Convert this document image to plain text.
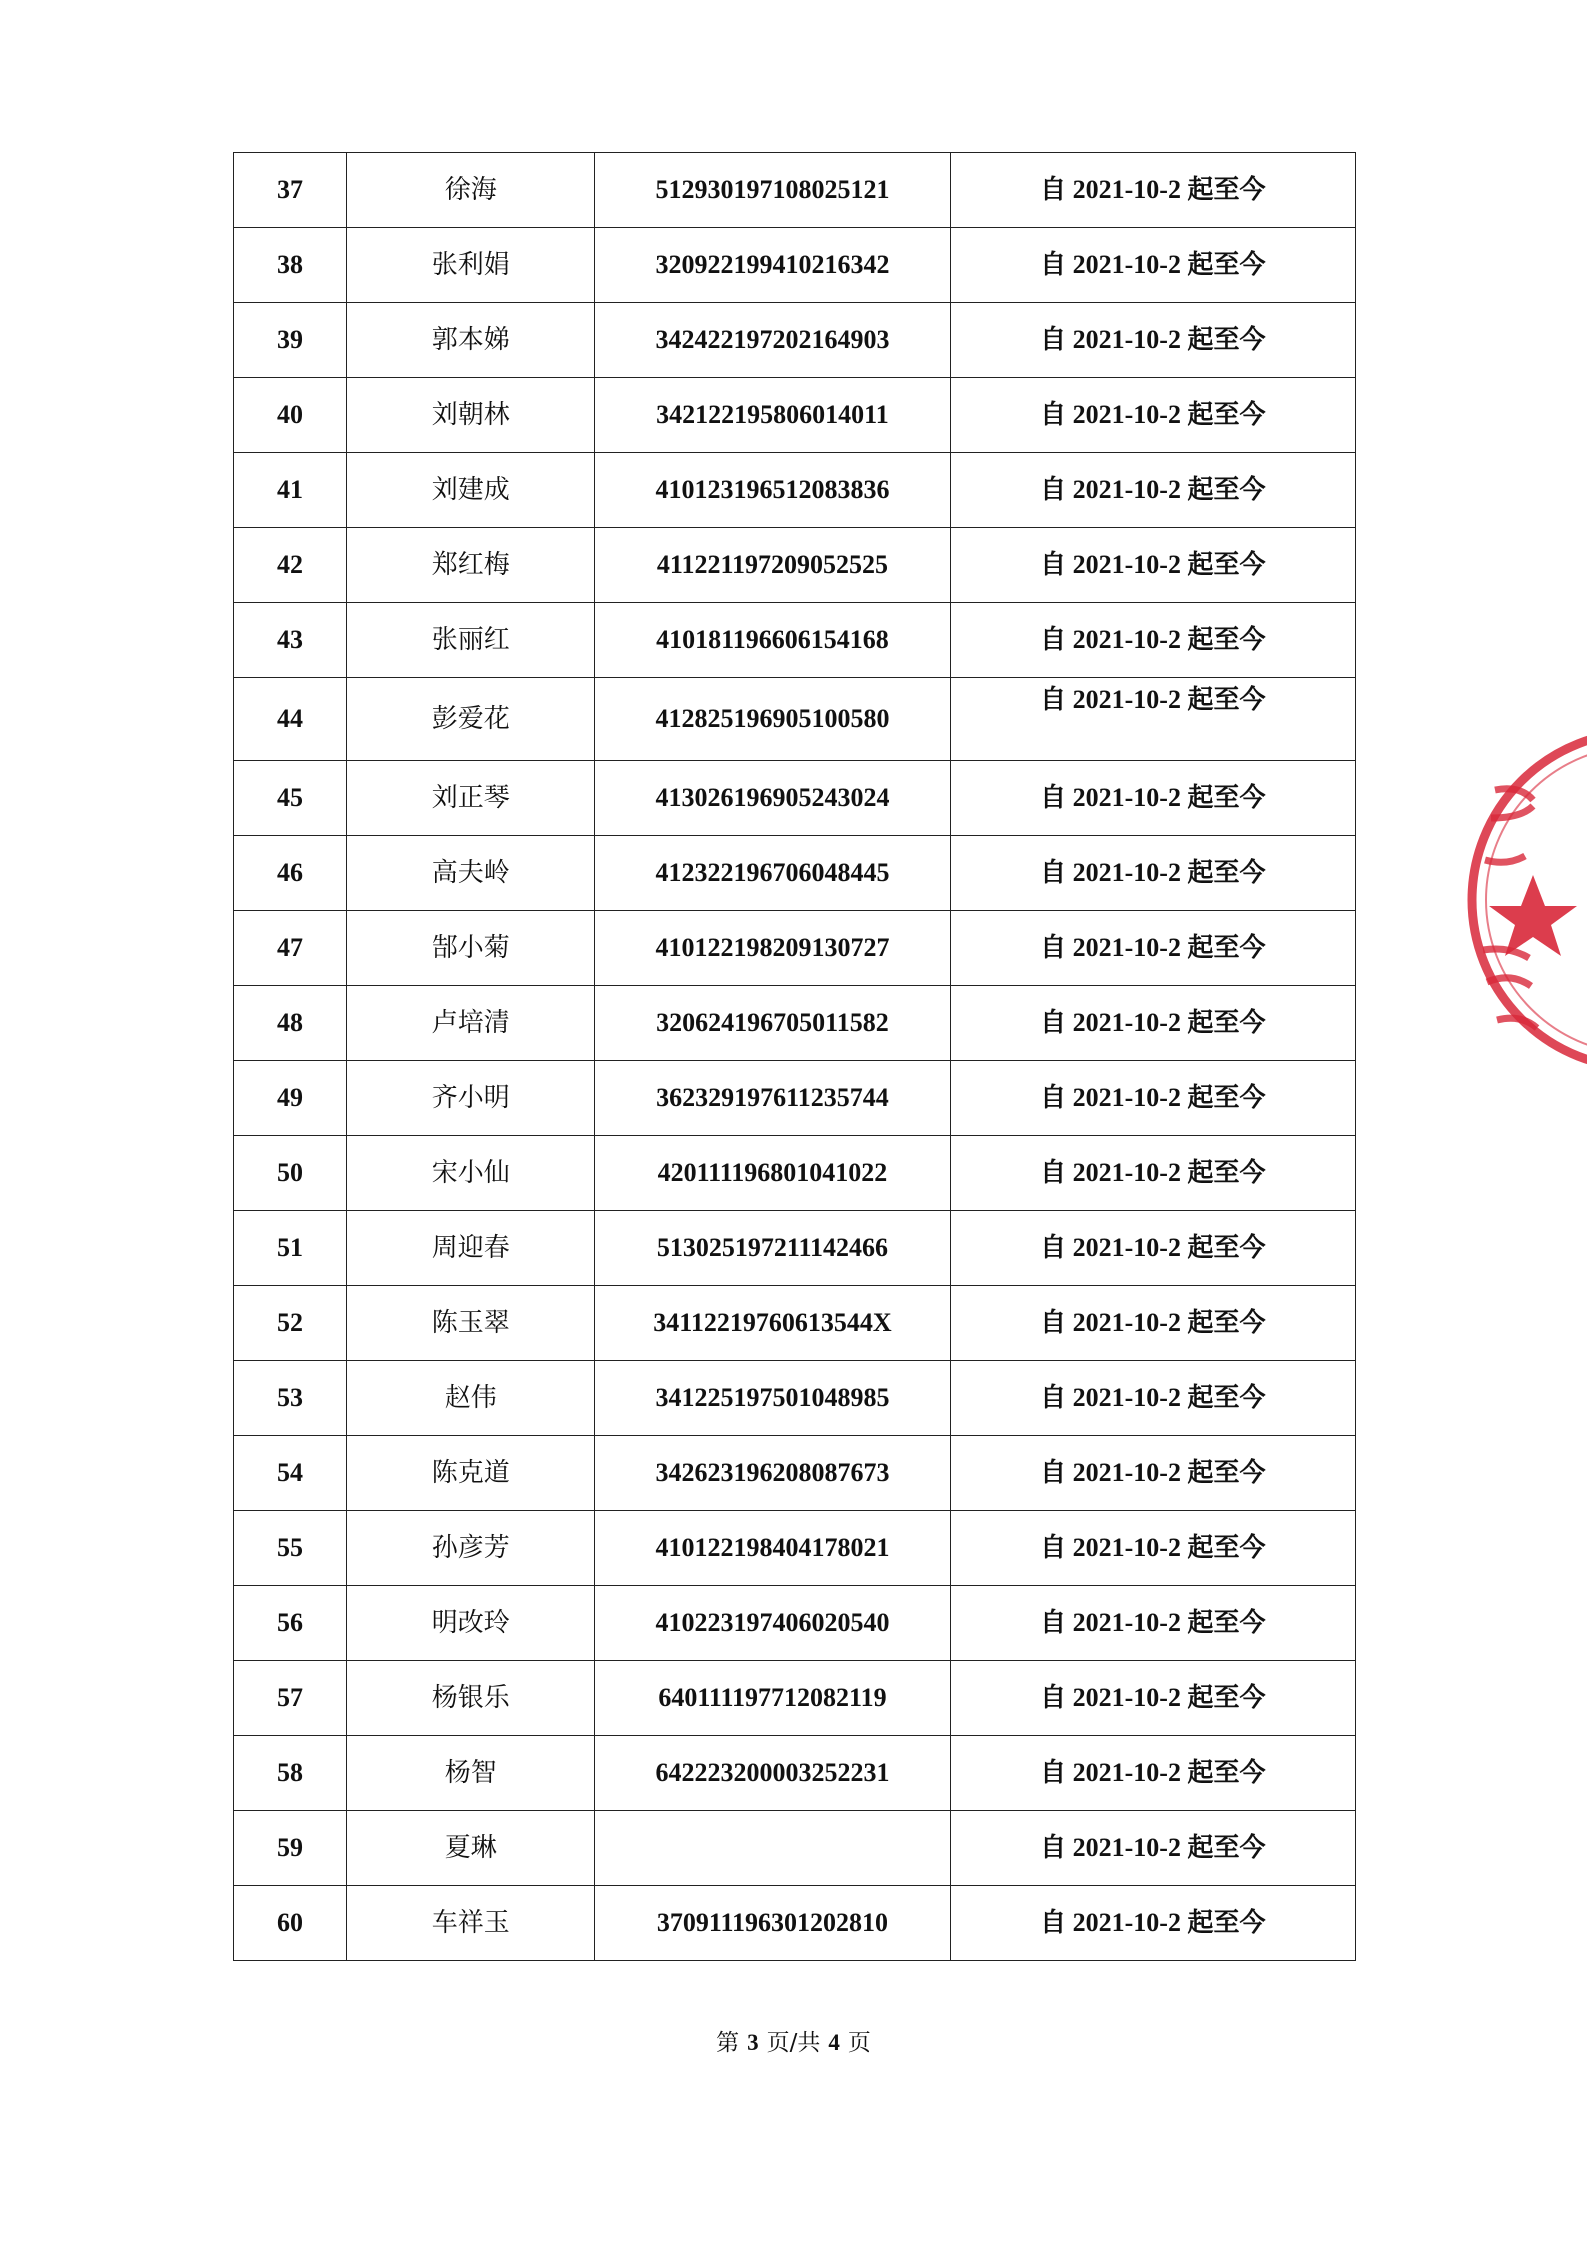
37	徐海	512930197108025121	自 2021-10-2 起至今
38	张利娟	320922199410216342	自 2021-10-2 起至今
39	郭本娣	342422197202164903	自 2021-10-2 起至今
40	刘朝林	342122195806014011	自 2021-10-2 起至今
41	刘建成	410123196512083836	自 2021-10-2 起至今
42	郑红梅	411221197209052525	自 2021-10-2 起至今
43	张丽红	410181196606154168	自 2021-10-2 起至今
44	彭爱花	412825196905100580	自 2021-10-2 起至今
45	刘正琴	413026196905243024	自 2021-10-2 起至今
46	高夫岭	412322196706048445	自 2021-10-2 起至今
47	郜小菊	410122198209130727	自 2021-10-2 起至今
48	卢培清	320624196705011582	自 2021-10-2 起至今
49	齐小明	362329197611235744	自 2021-10-2 起至今
50	宋小仙	420111196801041022	自 2021-10-2 起至今
51	周迎春	513025197211142466	自 2021-10-2 起至今
52	陈玉翠	34112219760613544X	自 2021-10-2 起至今
53	赵伟	341225197501048985	自 2021-10-2 起至今
54	陈克道	342623196208087673	自 2021-10-2 起至今
55	孙彦芳	410122198404178021	自 2021-10-2 起至今
56	明改玲	410223197406020540	自 2021-10-2 起至今
57	杨银乐	640111197712082119	自 2021-10-2 起至今
58	杨智	642223200003252231	自 2021-10-2 起至今
59	夏琳		自 2021-10-2 起至今
60	车祥玉	370911196301202810	自 2021-10-2 起至今
第 3 页/共 4 页
